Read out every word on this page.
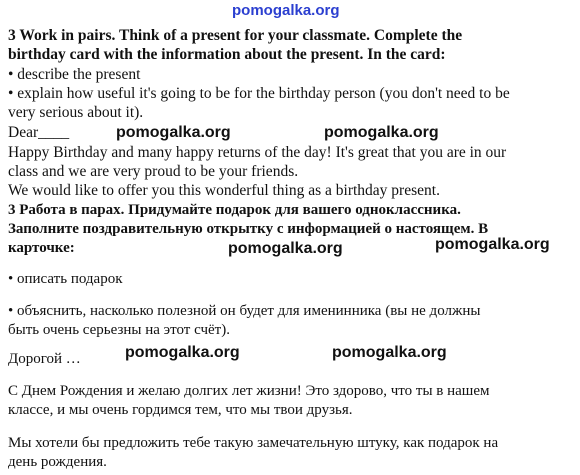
pomogalka.org
3 Work in pairs. Think of a present for your classmate. Complete the
birthday card with the information about the present. In the card:
• describe the present
• explain how useful it's going to be for the birthday person (you don't need to be
very serious about it).
Dear____	pomogalka.org	pomogalka.org
Happy Birthday and many happy returns of the day! It's great that you are in our
class and we are very proud to be your friends.
We would like to offer you this wonderful thing as a birthday present.
3 Работа в парах. Придумайте подарок для вашего одноклассника.
Заполните поздравительную открытку с информацией о настоящем. В
карточке:	pomogalka.org	pomogalka.org
• описать подарок
• объяснить, насколько полезной он будет для именинника (вы не должны
быть очень серьезны на этот счёт).
Дорогой …	pomogalka.org	pomogalka.org
С Днем Рождения и желаю долгих лет жизни! Это здорово, что ты в нашем
классе, и мы очень гордимся тем, что мы твои друзья.
Мы хотели бы предложить тебе такую замечательную штуку, как подарок на
день рождения.
